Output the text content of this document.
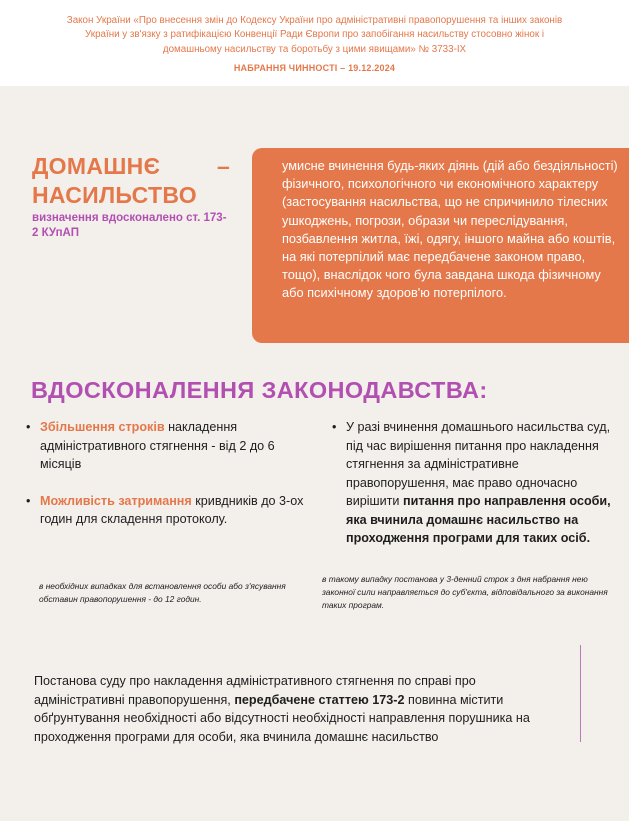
Закон України «Про внесення змін до Кодексу України про адміністративні правопорушення та інших законів України у зв'язку з ратифікацією Конвенції Ради Європи про запобігання насильству стосовно жінок і домашньому насильству та боротьбу з цими явищами» № 3733-IX
НАБРАННЯ ЧИННОСТІ – 19.12.2024
ДОМАШНЄ НАСИЛЬСТВО
–
визначення вдосконалено ст. 173-2 КУпАП
умисне вчинення будь-яких діянь (дій або бездіяльності) фізичного, психологічного чи економічного характеру (застосування насильства, що не спричинило тілесних ушкоджень, погрози, образи чи переслідування, позбавлення житла, їжі, одягу, іншого майна або коштів, на які потерпілий має передбачене законом право, тощо), внаслідок чого була завдана шкода фізичному або психічному здоров'ю потерпілого.
ВДОСКОНАЛЕННЯ ЗАКОНОДАВСТВА:
• Збільшення строків накладення адміністративного стягнення - від 2 до 6 місяців
• Можливість затримання кривдників до 3-ох годин для складення протоколу.
• У разі вчинення домашнього насильства суд, під час вирішення питання про накладення стягнення за адміністративне правопорушення, має право одночасно вирішити питання про направлення особи, яка вчинила домашнє насильство на проходження програми для таких осіб.
в необхідних випадках для встановлення особи або з'ясування обставин правопорушення - до 12 годин.
в такому випадку постанова у 3-денний строк з дня набрання нею законної сили направляється до суб'єкта, відповідального за виконання таких програм.
Постанова суду про накладення адміністративного стягнення по справі про адміністративні правопорушення, передбачене статтею 173-2 повинна містити обґрунтування необхідності або відсутності необхідності направлення порушника на проходження програми для особи, яка вчинила домашнє насильство
